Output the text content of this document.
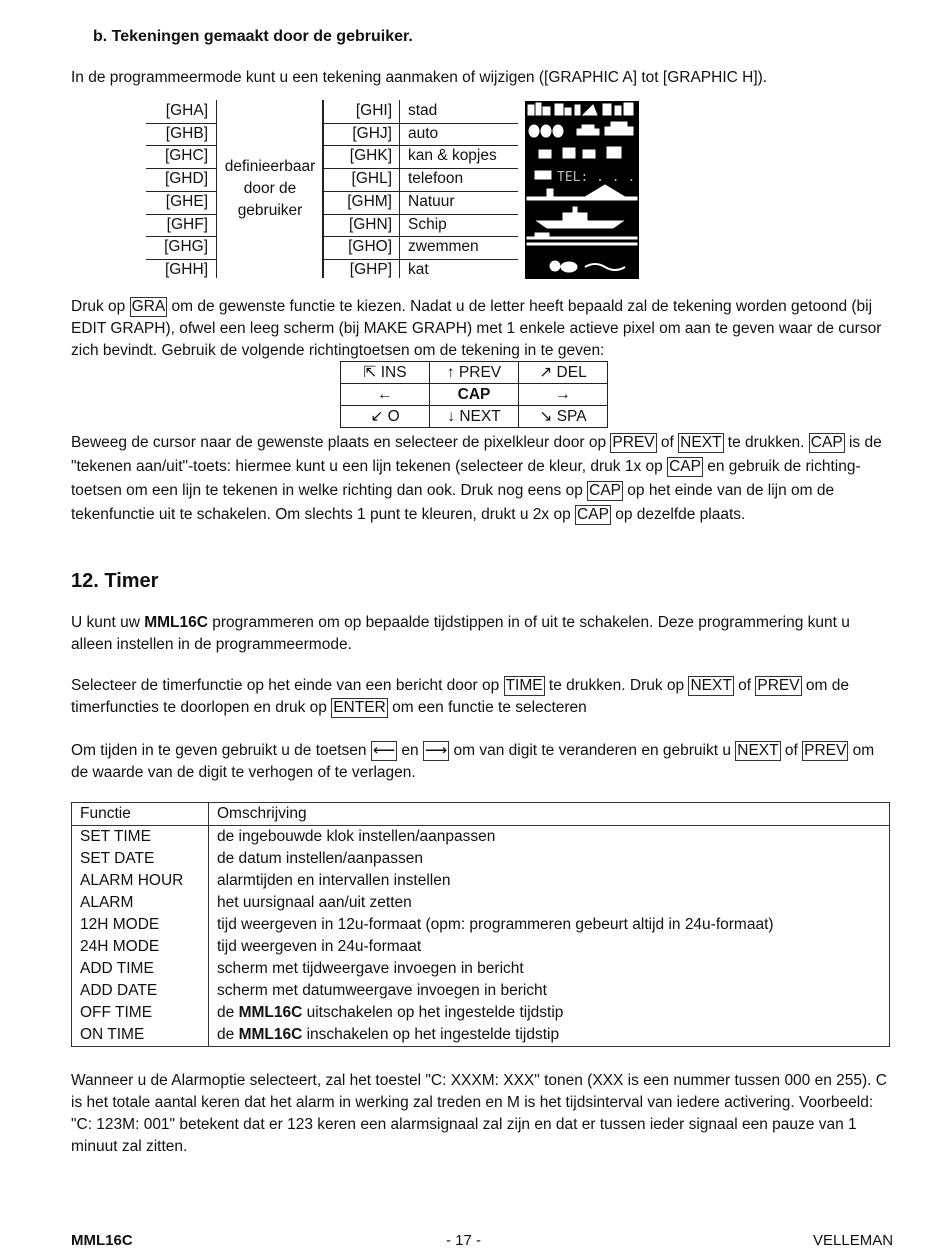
b. Tekeningen gemaakt door de gebruiker.
In de programmeermode kunt u een tekening aanmaken of wijzigen ([GRAPHIC A] tot [GRAPHIC H]).
[GHA]
[GHB]
[GHC]
[GHD]
[GHE]
[GHF]
[GHG]
[GHH]
definieerbaar
door de
gebruiker
[GHI] stad
[GHJ] auto
[GHK] kan & kopjes
[GHL] telefoon
[GHM] Natuur
[GHN] Schip
[GHO] zwemmen
[GHP] kat
TEL: . . .
Druk op GRA om de gewenste functie te kiezen. Nadat u de letter heeft bepaald zal de tekening worden getoond (bij EDIT GRAPH), ofwel een leeg scherm (bij MAKE GRAPH) met 1 enkele actieve pixel om aan te geven waar de cursor zich bevindt. Gebruik de volgende richtingtoetsen om de tekening in te geven:
⇱ INS	↑ PREV	↗ DEL
←	CAP	→
↙ O	↓ NEXT	↘ SPA
Beweeg de cursor naar de gewenste plaats en selecteer de pixelkleur door op PREV of NEXT te drukken. CAP is de "tekenen aan/uit"-toets: hiermee kunt u een lijn tekenen (selecteer de kleur, druk 1x op CAP en gebruik de richting-toetsen om een lijn te tekenen in welke richting dan ook. Druk nog eens op CAP op het einde van de lijn om de tekenfunctie uit te schakelen. Om slechts 1 punt te kleuren, drukt u 2x op CAP op dezelfde plaats.
12. Timer
U kunt uw MML16C programmeren om op bepaalde tijdstippen in of uit te schakelen. Deze programmering kunt u alleen instellen in de programmeermode.
Selecteer de timerfunctie op het einde van een bericht door op TIME te drukken. Druk op NEXT of PREV om de timerfuncties te doorlopen en druk op ENTER om een functie te selecteren
Om tijden in te geven gebruikt u de toetsen ⟵ en ⟶ om van digit te veranderen en gebruikt u NEXT of PREV om de waarde van de digit te verhogen of te verlagen.
Functie	Omschrijving
SET TIME	de ingebouwde klok instellen/aanpassen
SET DATE	de datum instellen/aanpassen
ALARM HOUR	alarmtijden en intervallen instellen
ALARM	het uursignaal aan/uit zetten
12H MODE	tijd weergeven in 12u-formaat (opm: programmeren gebeurt altijd in 24u-formaat)
24H MODE	tijd weergeven in 24u-formaat
ADD TIME	scherm met tijdweergave invoegen in bericht
ADD DATE	scherm met datumweergave invoegen in bericht
OFF TIME	de MML16C uitschakelen op het ingestelde tijdstip
ON TIME	de MML16C inschakelen op het ingestelde tijdstip
Wanneer u de Alarmoptie selecteert, zal het toestel "C: XXXM: XXX" tonen (XXX is een nummer tussen 000 en 255). C is het totale aantal keren dat het alarm in werking zal treden en M is het tijdsinterval van iedere activering. Voorbeeld: "C: 123M: 001" betekent dat er 123 keren een alarmsignaal zal zijn en dat er tussen ieder signaal een pauze van 1 minuut zal zitten.
MML16C	- 17 -	VELLEMAN
